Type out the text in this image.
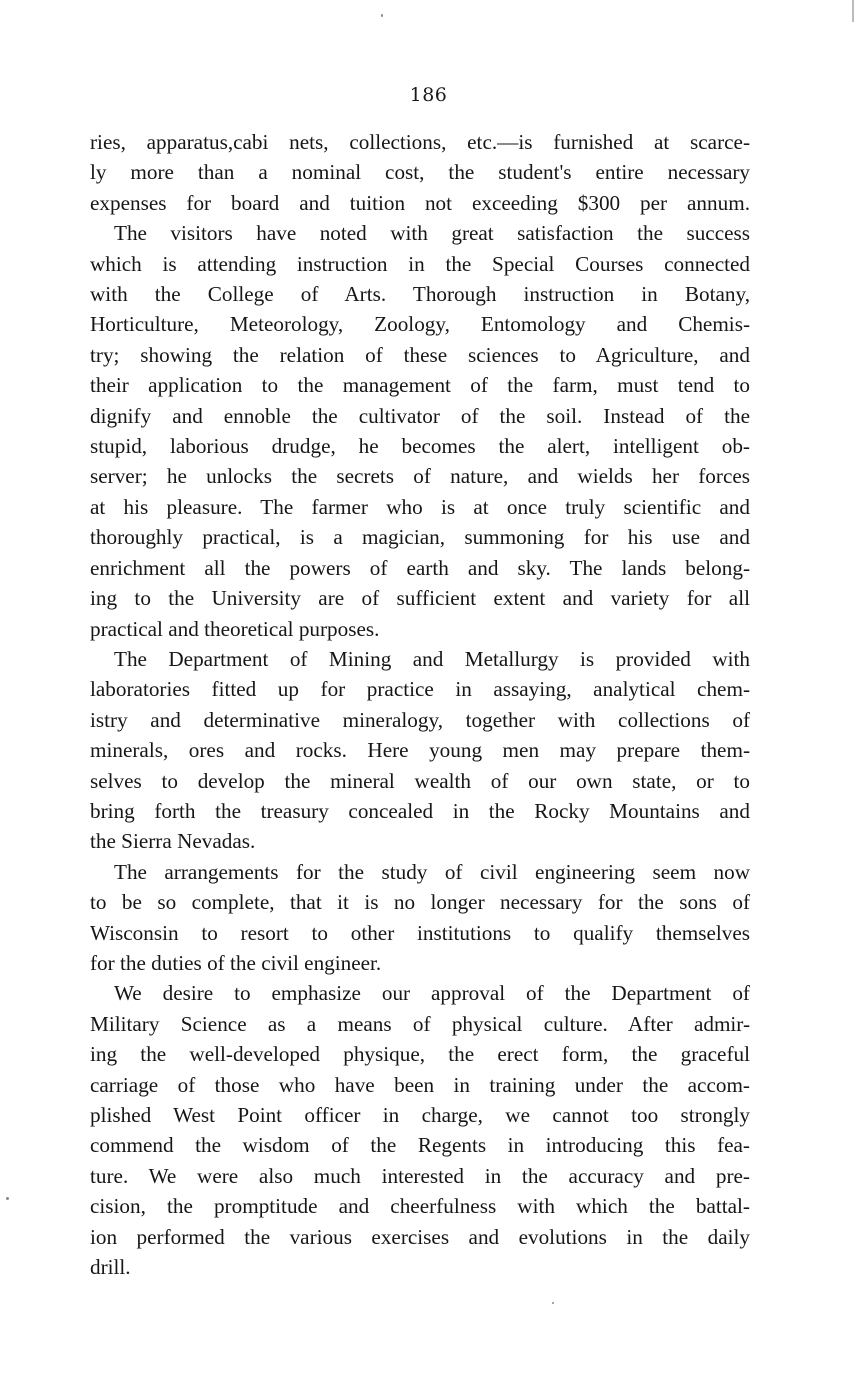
186
ries, apparatus,cabi nets, collections, etc.—is furnished at scarce-
ly more than a nominal cost, the student's entire necessary
expenses for board and tuition not exceeding $300 per annum.
The visitors have noted with great satisfaction the success
which is attending instruction in the Special Courses connected
with the College of Arts. Thorough instruction in Botany,
Horticulture, Meteorology, Zoology, Entomology and Chemis-
try; showing the relation of these sciences to Agriculture, and
their application to the management of the farm, must tend to
dignify and ennoble the cultivator of the soil. Instead of the
stupid, laborious drudge, he becomes the alert, intelligent ob-
server; he unlocks the secrets of nature, and wields her forces
at his pleasure. The farmer who is at once truly scientific and
thoroughly practical, is a magician, summoning for his use and
enrichment all the powers of earth and sky. The lands belong-
ing to the University are of sufficient extent and variety for all
practical and theoretical purposes.
The Department of Mining and Metallurgy is provided with
laboratories fitted up for practice in assaying, analytical chem-
istry and determinative mineralogy, together with collections of
minerals, ores and rocks. Here young men may prepare them-
selves to develop the mineral wealth of our own state, or to
bring forth the treasury concealed in the Rocky Mountains and
the Sierra Nevadas.
The arrangements for the study of civil engineering seem now
to be so complete, that it is no longer necessary for the sons of
Wisconsin to resort to other institutions to qualify themselves
for the duties of the civil engineer.
We desire to emphasize our approval of the Department of
Military Science as a means of physical culture. After admir-
ing the well-developed physique, the erect form, the graceful
carriage of those who have been in training under the accom-
plished West Point officer in charge, we cannot too strongly
commend the wisdom of the Regents in introducing this fea-
ture. We were also much interested in the accuracy and pre-
cision, the promptitude and cheerfulness with which the battal-
ion performed the various exercises and evolutions in the daily
drill.
